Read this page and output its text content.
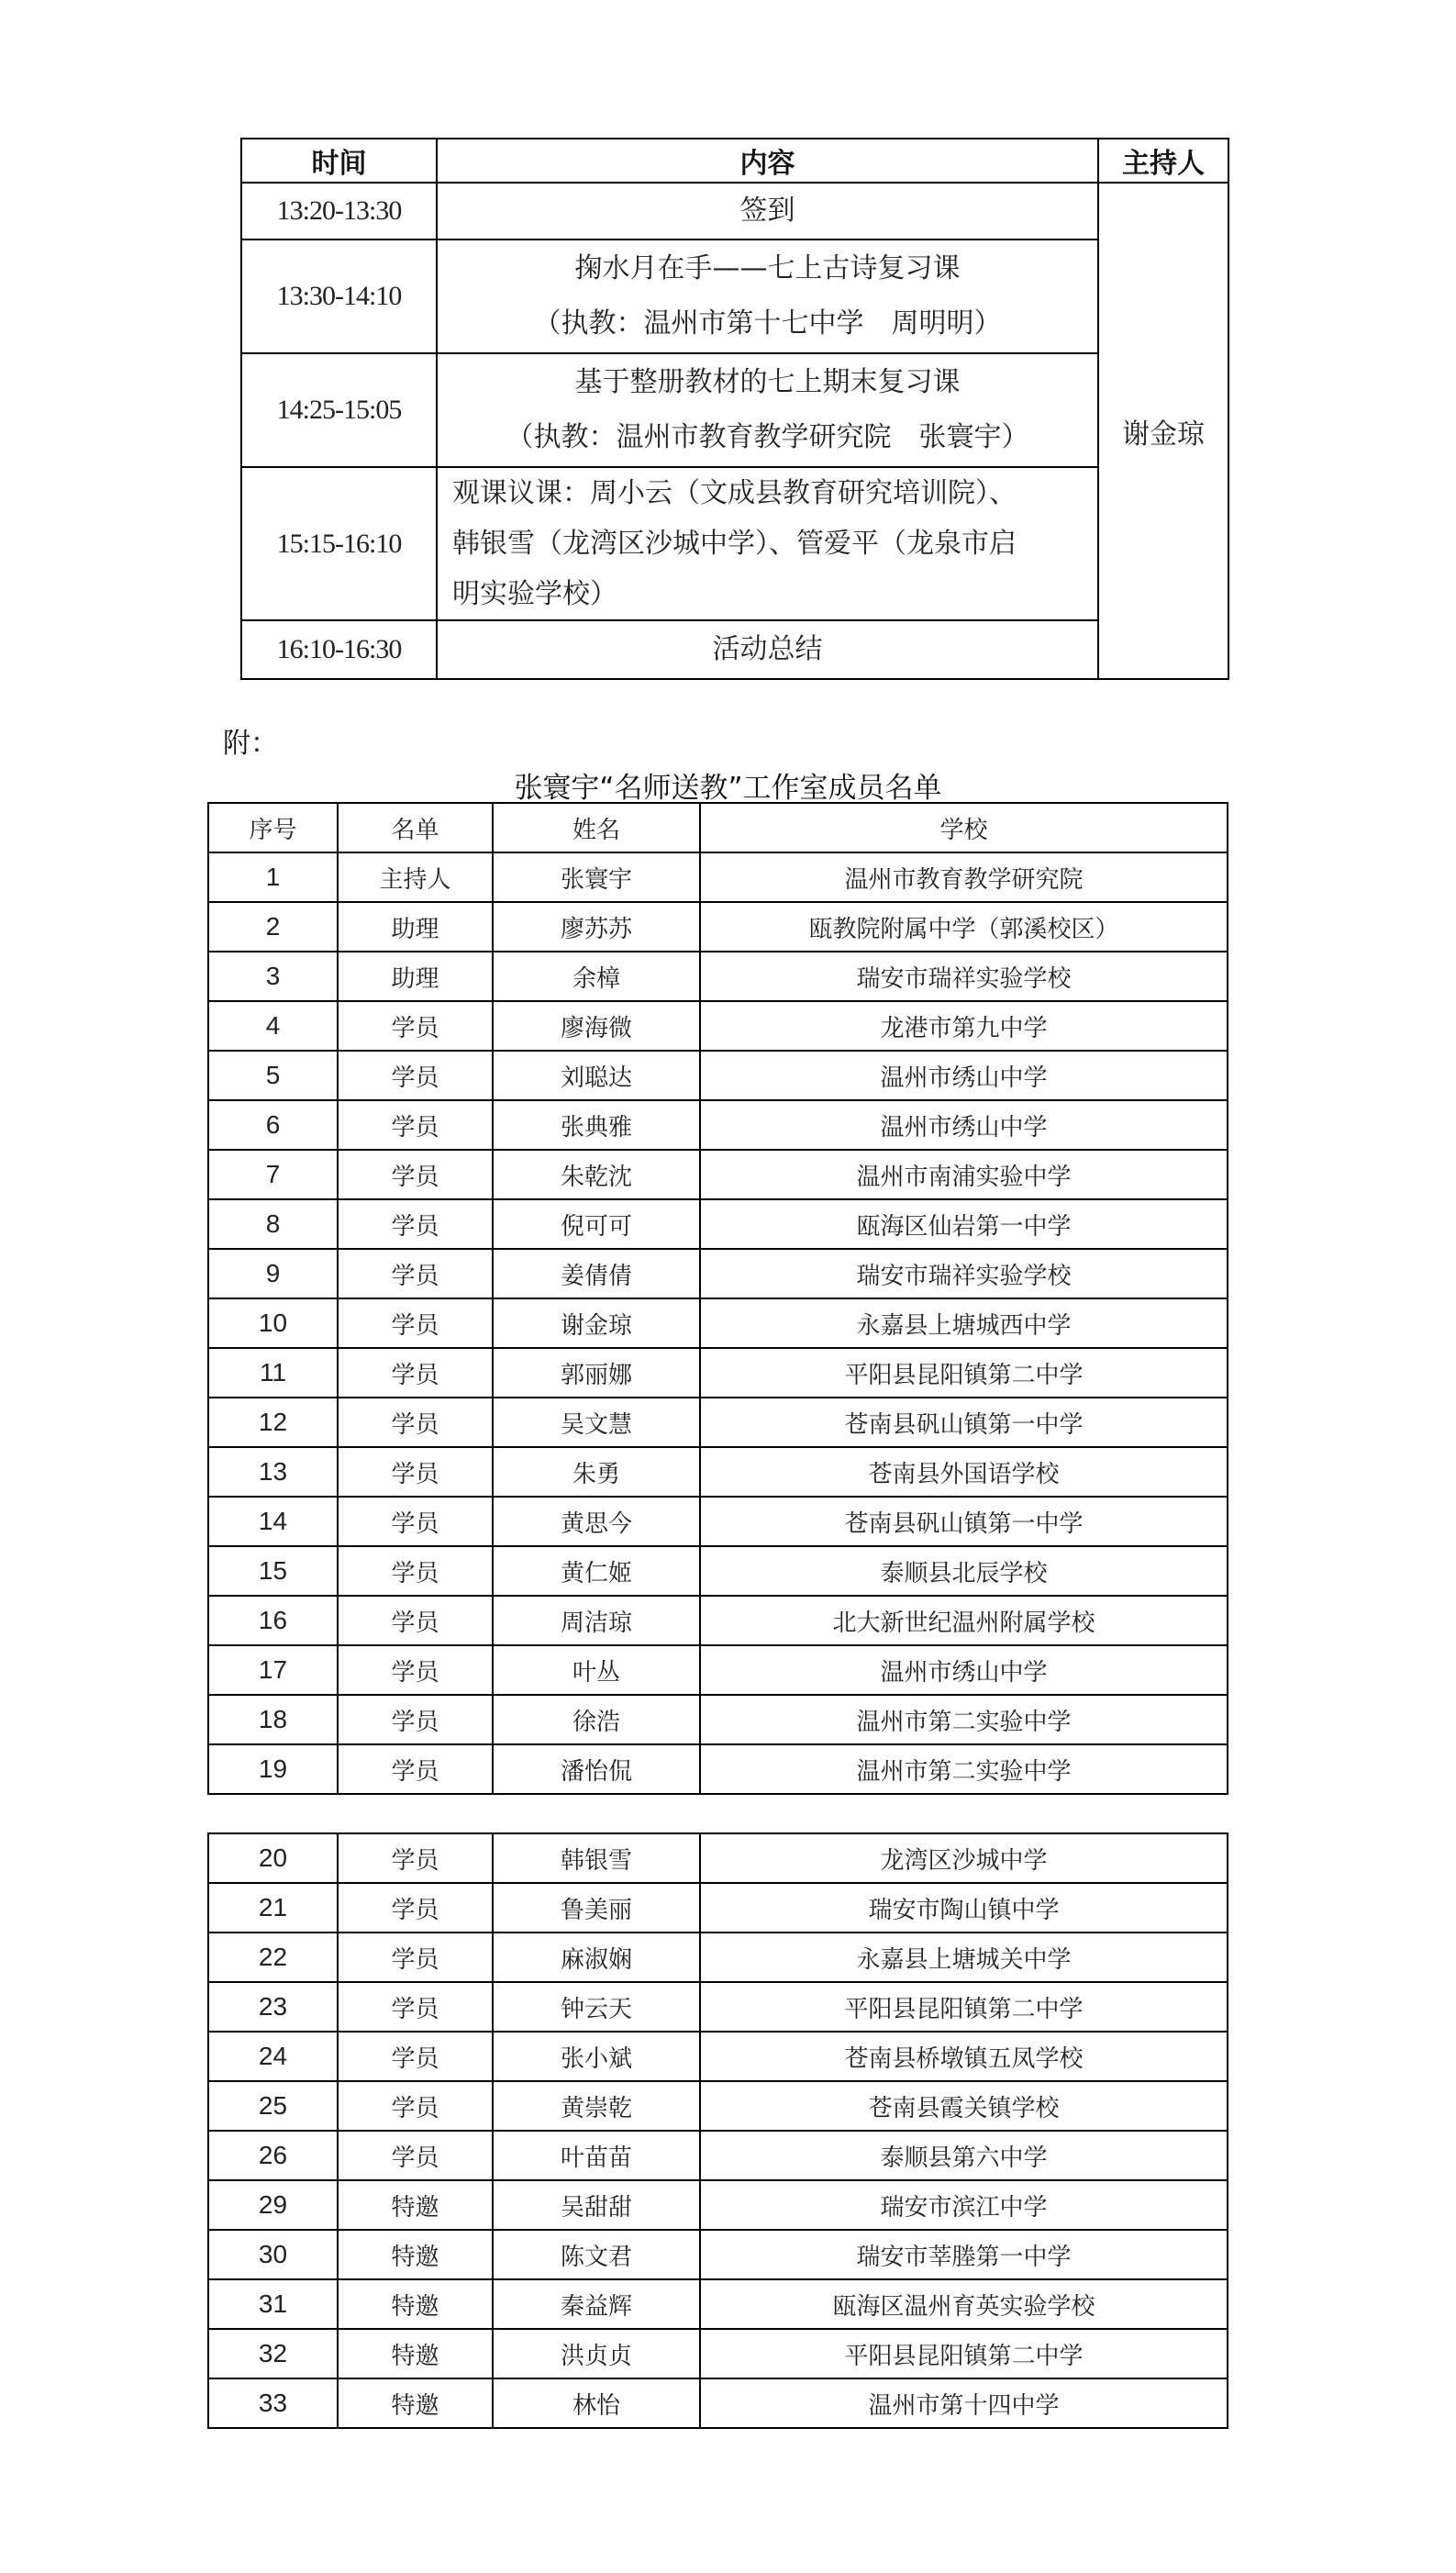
时间	内容	主持人
13:20-13:30	签到	谢金琼
13:30-14:10	掬水月在手——七上古诗复习课
（执教：温州市第十七中学　周明明）	

14:25-15:05	基于整册教材的七上期末复习课
（执教：温州市教育教学研究院　张寰宇）	

15:15-16:10	观课议课：周小云（文成县教育研究培训院）、
韩银雪（龙湾区沙城中学）、管爱平（龙泉市启
明实验学校）	

16:10-16:30	活动总结	
附：
张寰宇“名师送教”工作室成员名单
序号	名单	姓名	学校
1	主持人	张寰宇	温州市教育教学研究院
2	助理	廖苏苏	瓯教院附属中学（郭溪校区）
3	助理	余樟	瑞安市瑞祥实验学校
4	学员	廖海微	龙港市第九中学
5	学员	刘聪达	温州市绣山中学
6	学员	张典雅	温州市绣山中学
7	学员	朱乾沈	温州市南浦实验中学
8	学员	倪可可	瓯海区仙岩第一中学
9	学员	姜倩倩	瑞安市瑞祥实验学校
10	学员	谢金琼	永嘉县上塘城西中学
11	学员	郭丽娜	平阳县昆阳镇第二中学
12	学员	吴文慧	苍南县矾山镇第一中学
13	学员	朱勇	苍南县外国语学校
14	学员	黄思今	苍南县矾山镇第一中学
15	学员	黄仁姬	泰顺县北辰学校
16	学员	周洁琼	北大新世纪温州附属学校
17	学员	叶丛	温州市绣山中学
18	学员	徐浩	温州市第二实验中学
19	学员	潘怡侃	温州市第二实验中学
20	学员	韩银雪	龙湾区沙城中学
21	学员	鲁美丽	瑞安市陶山镇中学
22	学员	麻淑娴	永嘉县上塘城关中学
23	学员	钟云天	平阳县昆阳镇第二中学
24	学员	张小斌	苍南县桥墩镇五凤学校
25	学员	黄崇乾	苍南县霞关镇学校
26	学员	叶苗苗	泰顺县第六中学
29	特邀	吴甜甜	瑞安市滨江中学
30	特邀	陈文君	瑞安市莘塍第一中学
31	特邀	秦益辉	瓯海区温州育英实验学校
32	特邀	洪贞贞	平阳县昆阳镇第二中学
33	特邀	林怡	温州市第十四中学
